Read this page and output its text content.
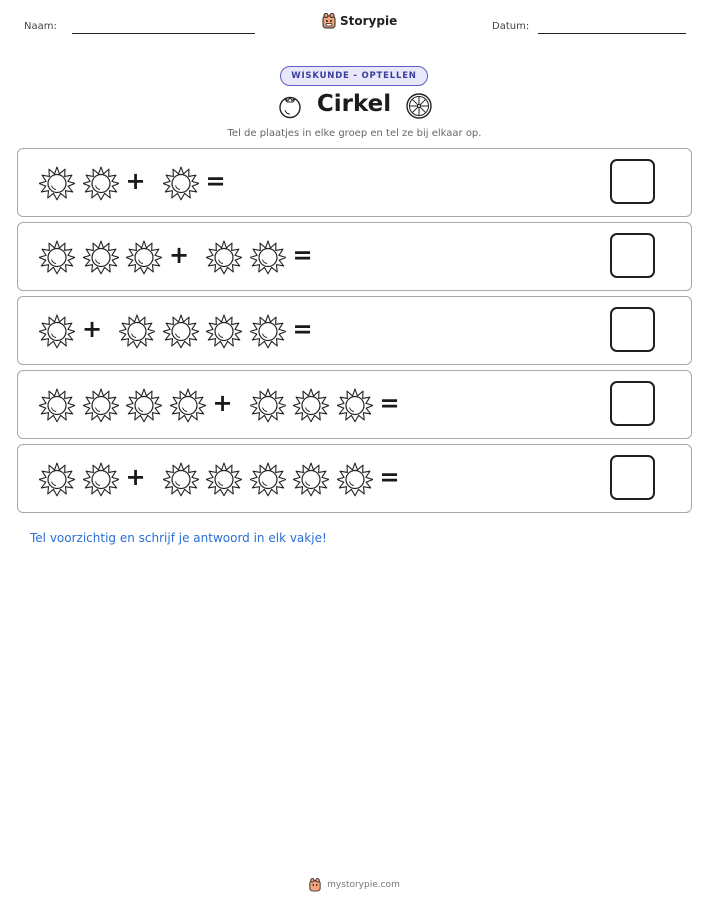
Naam:	Storypie	Datum:
WISKUNDE - OPTELLEN
Cirkel
Tel de plaatjes in elke groep en tel ze bij elkaar op.
+ =
+	=
+	=
+	=
+	=
Tel voorzichtig en schrijf je antwoord in elk vakje!
mystorypie.com
